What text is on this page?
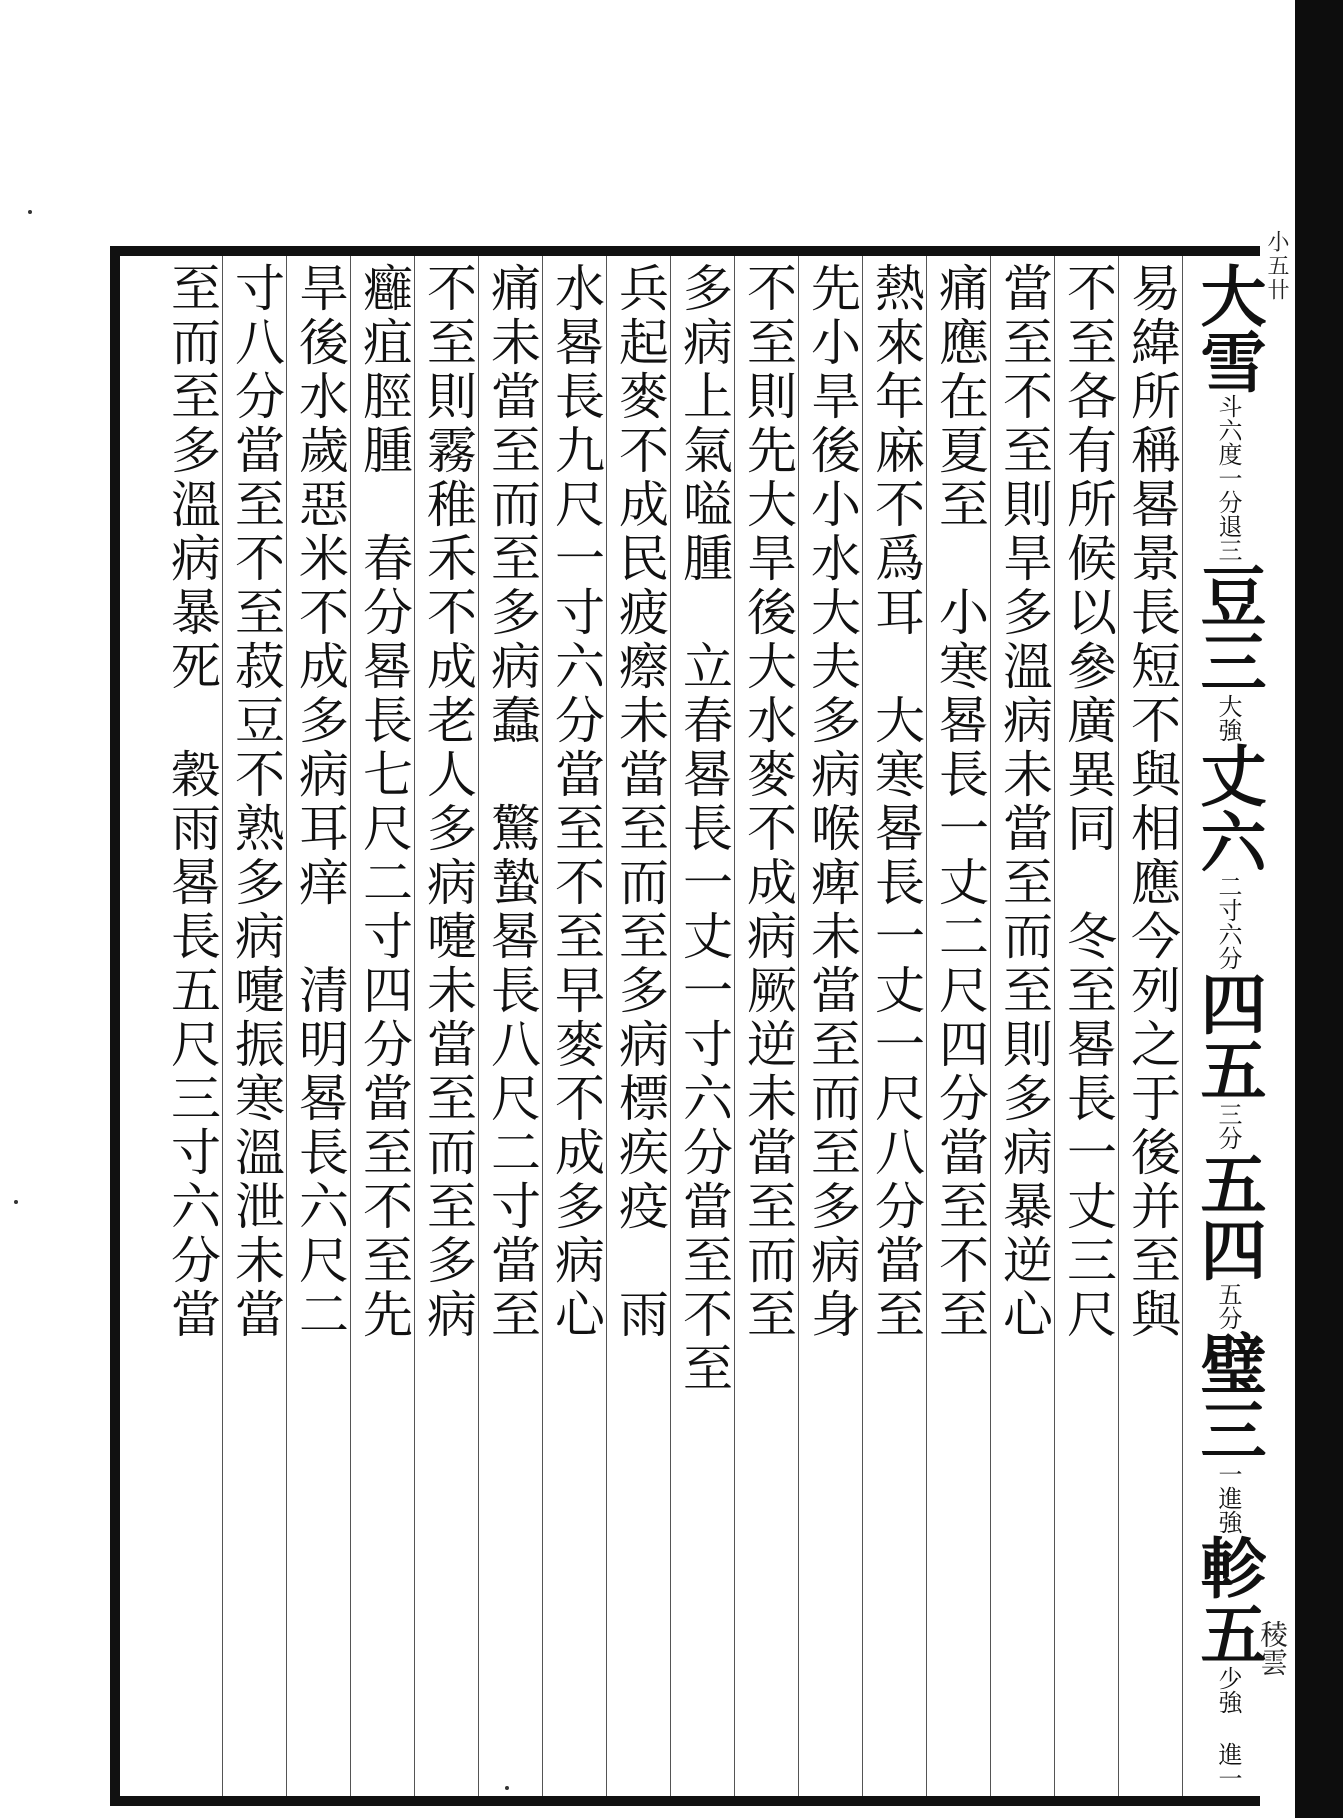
小五卄
稜雲
大雪斗六度一分退三豆三大強丈六二寸六分四五三分五四五分璧三一進強軫五少強 進一
易緯所稱晷景長短不與相應今列之于後并至與
不至各有所候以參廣異同　冬至晷長一丈三尺
當至不至則旱多溫病未當至而至則多病暴逆心
痛應在夏至　小寒晷長一丈二尺四分當至不至
熱來年麻不爲耳　大寒晷長一丈一尺八分當至
先小旱後小水大夫多病喉痺未當至而至多病身
不至則先大旱後大水麥不成病厥逆未當至而至
多病上氣嗌腫　立春晷長一丈一寸六分當至不至
兵起麥不成民疲瘵未當至而至多病標疾疫　雨
水晷長九尺一寸六分當至不至早麥不成多病心
痛未當至而至多病蠢　驚蟄晷長八尺二寸當至
不至則霧稚禾不成老人多病嚏未當至而至多病
癰疽脛腫　春分晷長七尺二寸四分當至不至先
旱後水歲惡米不成多病耳痒　清明晷長六尺二
寸八分當至不至菽豆不熟多病嚏振寒溫泄未當
至而至多溫病暴死　穀雨晷長五尺三寸六分當
